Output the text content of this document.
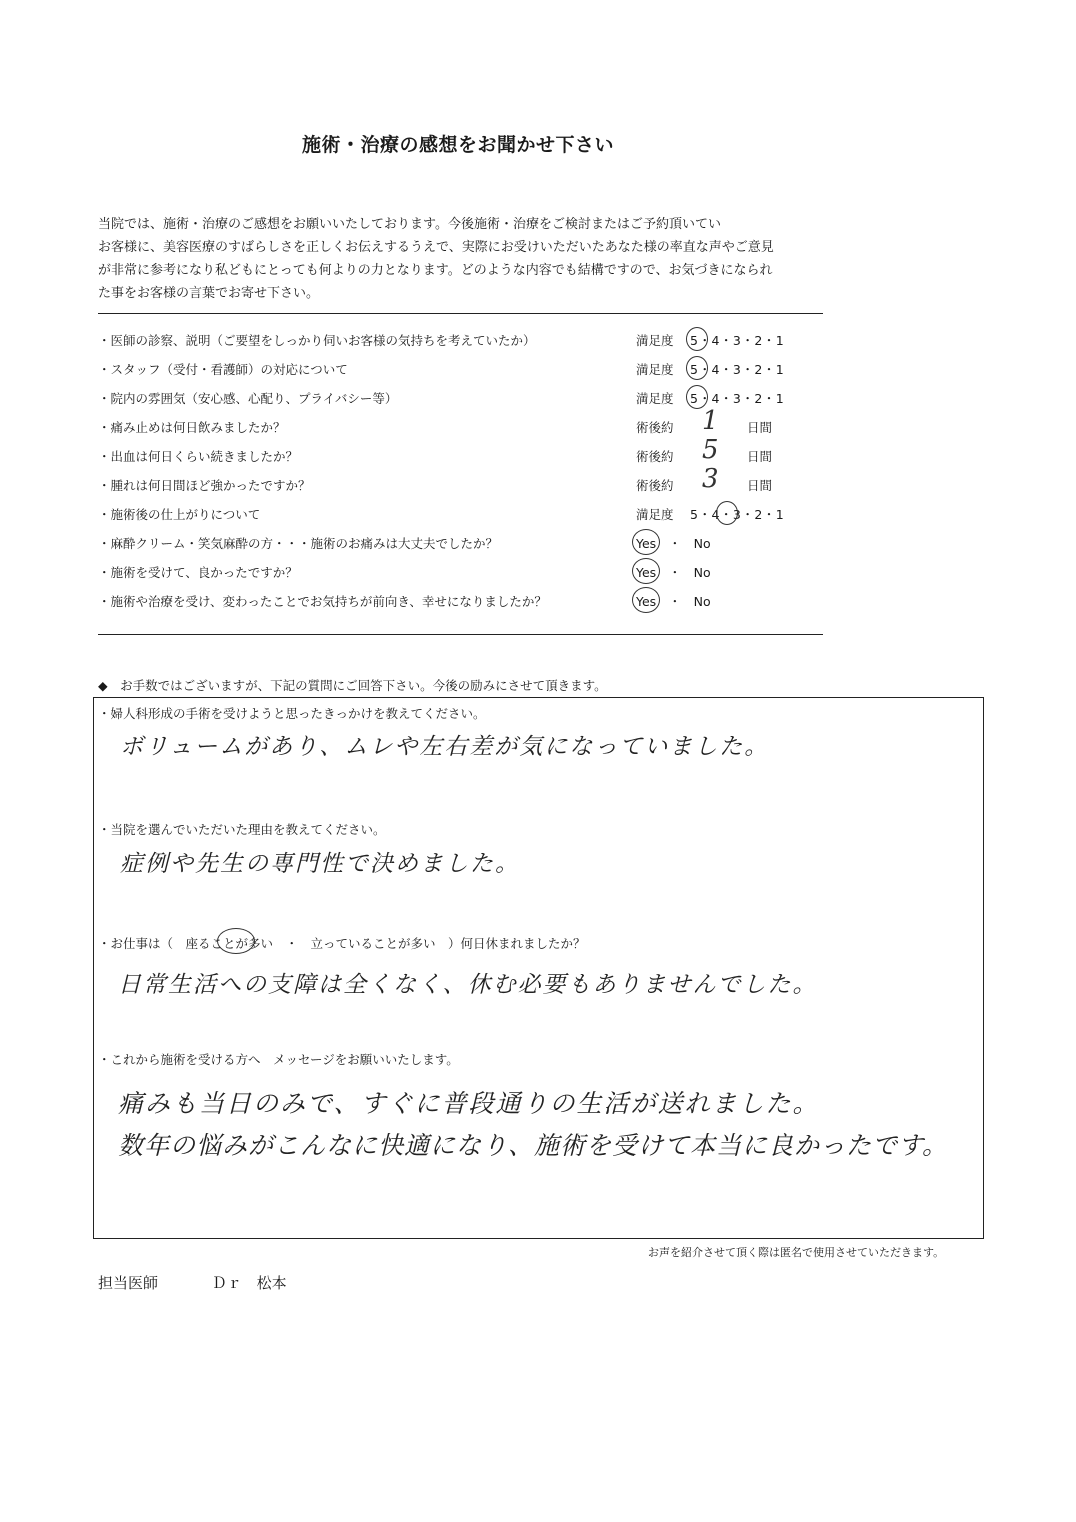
施術・治療の感想をお聞かせ下さい
当院では、施術・治療のご感想をお願いいたしております。今後施術・治療をご検討またはご予約頂いてい
お客様に、美容医療のすばらしさを正しくお伝えするうえで、実際にお受けいただいたあなた様の率直な声やご意見
が非常に参考になり私どもにとっても何よりの力となります。どのような内容でも結構ですので、お気づきになられ
た事をお客様の言葉でお寄せ下さい。
・医師の診察、説明（ご要望をしっかり伺いお客様の気持ちを考えていたか）	満足度 5・4・3・2・1
・スタッフ（受付・看護師）の対応について	満足度 5・4・3・2・1
・院内の雰囲気（安心感、心配り、プライバシー等）	満足度 5・4・3・2・1
・痛み止めは何日飲みましたか？	術後約 1 日間
・出血は何日くらい続きましたか？	術後約 5 日間
・腫れは何日間ほど強かったですか？	術後約 3 日間
・施術後の仕上がりについて	満足度 5・4・3・2・1
・麻酔クリーム・笑気麻酔の方・・・施術のお痛みは大丈夫でしたか？	Yes　・　No
・施術を受けて、良かったですか？	Yes　・　No
・施術や治療を受け、変わったことでお気持ちが前向き、幸せになりましたか？	Yes　・　No
◆　お手数ではございますが、下記の質問にご回答下さい。今後の励みにさせて頂きます。
・婦人科形成の手術を受けようと思ったきっかけを教えてください。
ボリュームがあり、ムレや左右差が気になっていました。
・当院を選んでいただいた理由を教えてください。
症例や先生の専門性で決めました。
・お仕事は（　座ることが多い　・　立っていることが多い　）何日休まれましたか？
日常生活への支障は全くなく、休む必要もありませんでした。
・これから施術を受ける方へ　メッセージをお願いいたします。
痛みも当日のみで、すぐに普段通りの生活が送れました。
数年の悩みがこんなに快適になり、施術を受けて本当に良かったです。
お声を紹介させて頂く際は匿名で使用させていただきます。
担当医師	Ｄｒ　松本
